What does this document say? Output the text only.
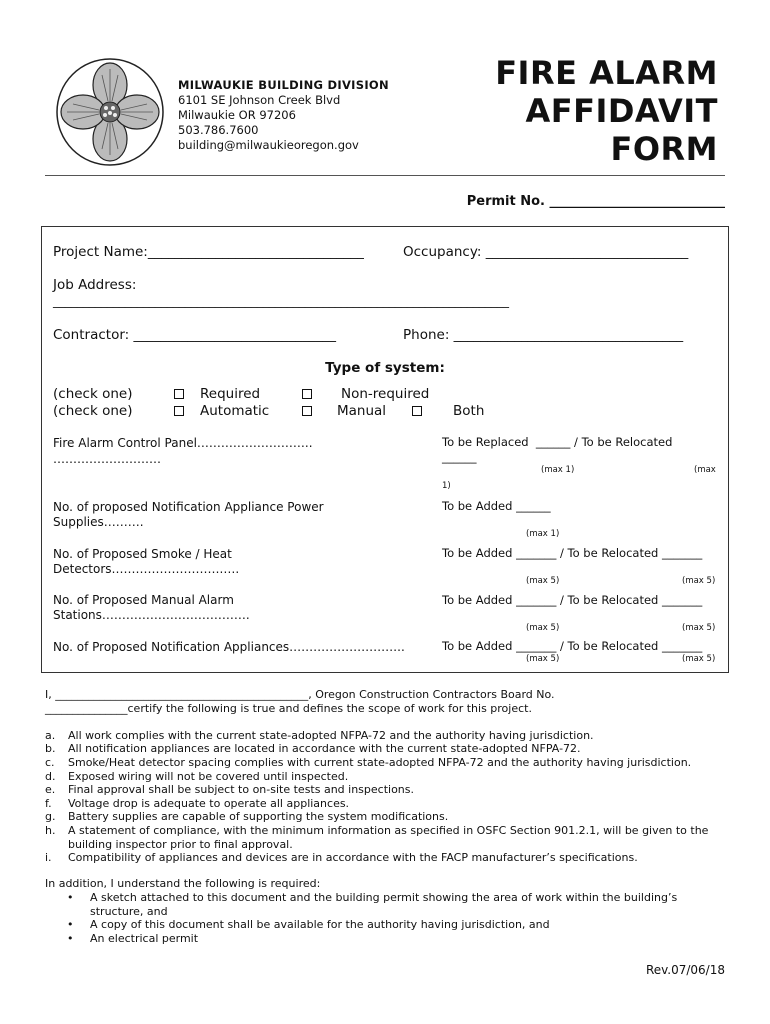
MILWAUKIE BUILDING DIVISION
6101 SE Johnson Creek Blvd
Milwaukie OR 97206
503.786.7600
building@milwaukieoregon.gov
FIRE ALARM
AFFIDAVIT
FORM
Permit No. ___________________________
Project Name:________________________________	Occupancy: ______________________________
Job Address:
____________________________________________________________________________
Contractor: ______________________________	Phone: __________________________________
Type of system:
(check one)
(check one)
Required	Non-required
Automatic	Manual	Both
Fire Alarm Control Panel………………………..
………………………
To be Replaced  ______ / To be Relocated
______
(max 1)	(max
1)
No. of proposed Notification Appliance Power
Supplies……….
To be Added ______
(max 1)
No. of Proposed Smoke / Heat
Detectors……………………….….
To be Added _______ / To be Relocated _______
(max 5)	(max 5)
No. of Proposed Manual Alarm
Stations……………………………….
To be Added _______ / To be Relocated _______
(max 5)	(max 5)
No. of Proposed Notification Appliances………………………..	To be Added _______ / To be Relocated _______
(max 5)	(max 5)
I, ______________________________________________, Oregon Construction Contractors Board No.
_______________certify the following is true and defines the scope of work for this project.
a. All work complies with the current state-adopted NFPA-72 and the authority having jurisdiction.
b. All notification appliances are located in accordance with the current state-adopted NFPA-72.
c. Smoke/Heat detector spacing complies with current state-adopted NFPA-72 and the authority having jurisdiction.
d. Exposed wiring will not be covered until inspected.
e. Final approval shall be subject to on-site tests and inspections.
f. Voltage drop is adequate to operate all appliances.
g. Battery supplies are capable of supporting the system modifications.
h. A statement of compliance, with the minimum information as specified in OSFC Section 901.2.1, will be given to the building inspector prior to final approval.
i. Compatibility of appliances and devices are in accordance with the FACP manufacturer’s specifications.
In addition, I understand the following is required:
• A sketch attached to this document and the building permit showing the area of work within the building’s structure, and
• A copy of this document shall be available for the authority having jurisdiction, and
• An electrical permit
Rev.07/06/18
